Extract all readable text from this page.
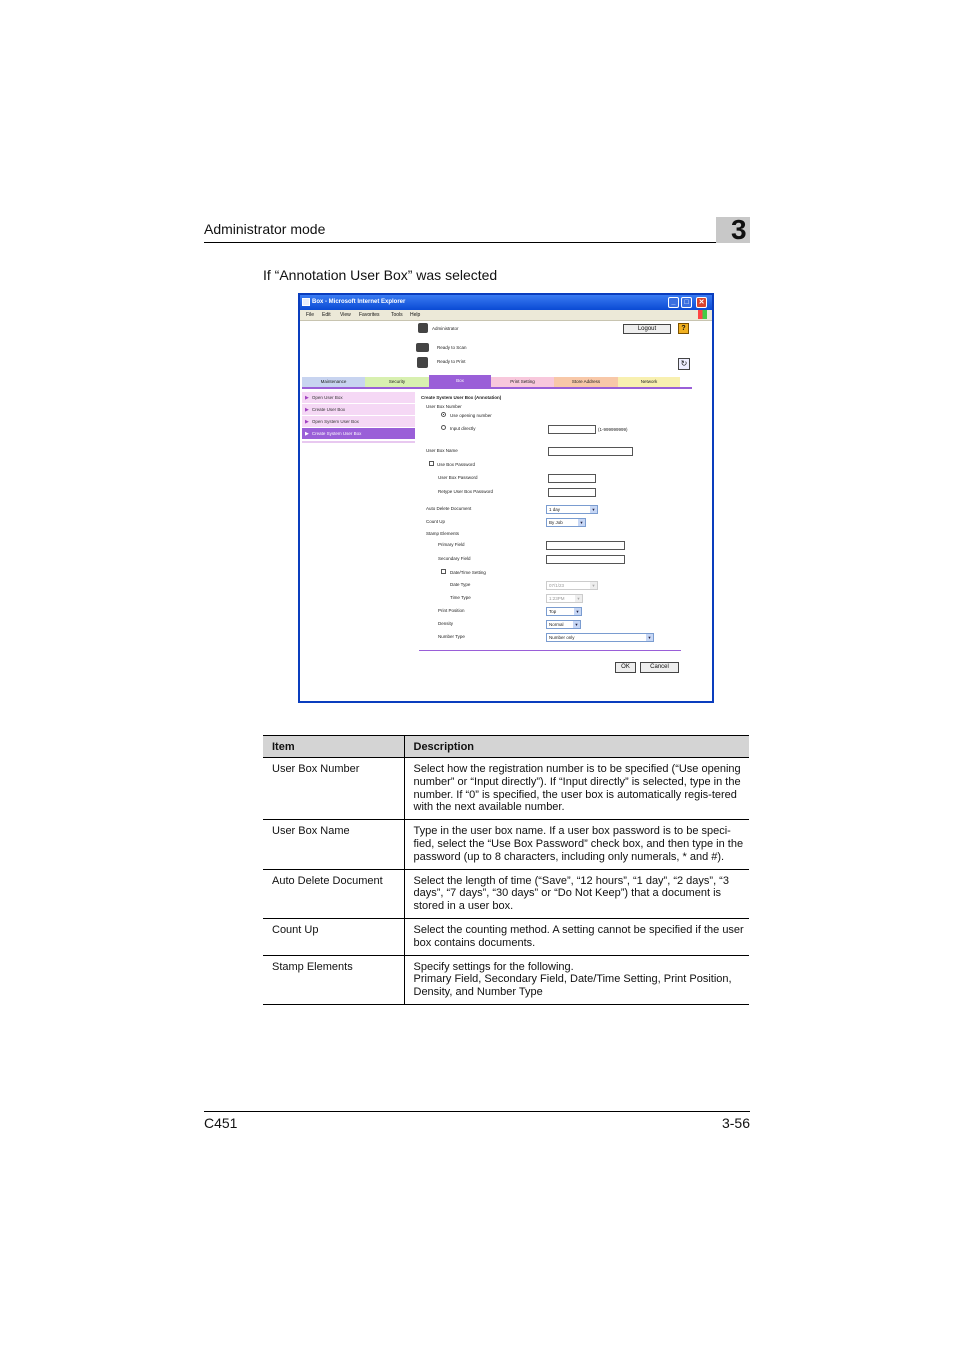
Administrator mode	3
If “Annotation User Box” was selected
Box - Microsoft Internet Explorer	_	□	✕
File Edit View Favorites Tools Help
Administrator	Logout	?
Ready to Scan
Ready to Print	↻
Maintenance	Security	Box	Print Setting	Store Address	Network
▶ Open User Box
▶ Create User Box
▶ Open System User Box
▶ Create System User Box
Create System User Box (Annotation)
User Box Number
Use opening number
Input directly	(1-999999999)
User Box Name
Use Box Password
User Box Password
Retype User Box Password
Auto Delete Document	1 day	▼
Count Up	By Job	▼
Stamp Elements
Primary Field
Secondary Field
Date/Time Setting
Date Type	07/1/23	▼
Time Type	1:23PM	▼
Print Position	Top	▼
Density	Normal	▼
Number Type	Number only	▼
OK	Cancel
Item	Description
User Box Number	Select how the registration number is to be specified (“Use opening number” or “Input directly”). If “Input directly” is selected, type in the number. If “0” is specified, the user box is automatically regis-tered with the next available number.
User Box Name	Type in the user box name. If a user box password is to be speci-fied, select the “Use Box Password” check box, and then type in the password (up to 8 characters, including only numerals, * and #).
Auto Delete Document	Select the length of time (“Save”, “12 hours”, “1 day”, “2 days”, “3 days”, “7 days”, “30 days” or “Do Not Keep”) that a document is stored in a user box.
Count Up	Select the counting method. A setting cannot be specified if the user box contains documents.
Stamp Elements	Specify settings for the following.
Primary Field, Secondary Field, Date/Time Setting, Print Position, Density, and Number Type
C451	3-56
